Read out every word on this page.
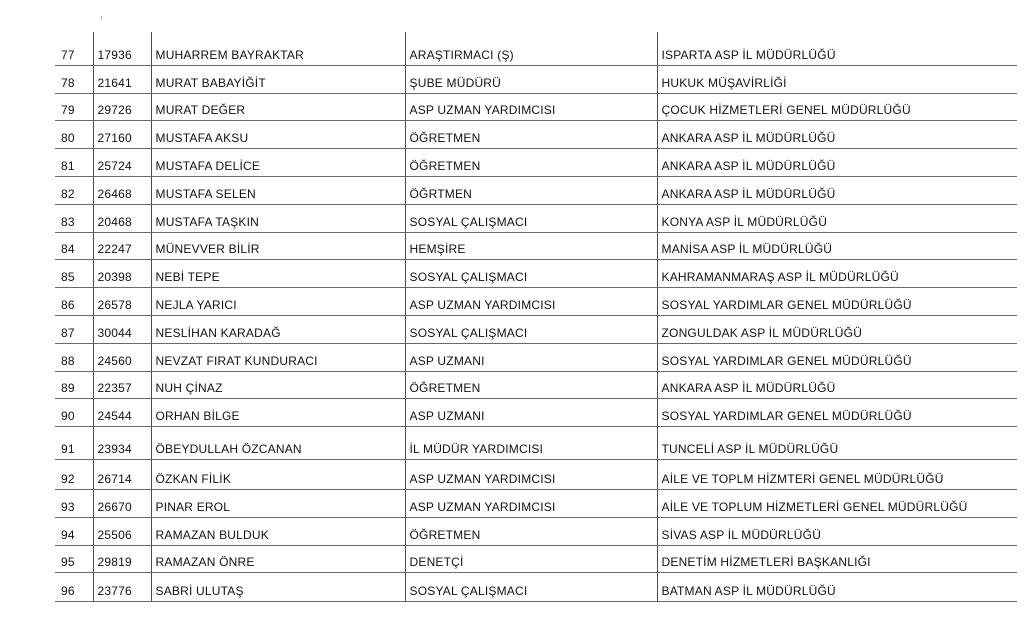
77	17936	MUHARREM BAYRAKTAR	ARAŞTIRMACI (Ş)	ISPARTA ASP İL MÜDÜRLÜĞÜ
78	21641	MURAT BABAYİĞİT	ŞUBE MÜDÜRÜ	HUKUK MÜŞAVİRLİĞİ
79	29726	MURAT DEĞER	ASP UZMAN YARDIMCISI	ÇOCUK HİZMETLERİ GENEL MÜDÜRLÜĞÜ
80	27160	MUSTAFA AKSU	ÖĞRETMEN	ANKARA ASP İL MÜDÜRLÜĞÜ
81	25724	MUSTAFA DELİCE	ÖĞRETMEN	ANKARA ASP İL MÜDÜRLÜĞÜ
82	26468	MUSTAFA SELEN	ÖĞRTMEN	ANKARA ASP İL MÜDÜRLÜĞÜ
83	20468	MUSTAFA TAŞKIN	SOSYAL ÇALIŞMACI	KONYA ASP İL MÜDÜRLÜĞÜ
84	22247	MÜNEVVER BİLİR	HEMŞİRE	MANİSA ASP İL MÜDÜRLÜĞÜ
85	20398	NEBİ TEPE	SOSYAL ÇALIŞMACI	KAHRAMANMARAŞ ASP İL MÜDÜRLÜĞÜ
86	26578	NEJLA YARICI	ASP UZMAN YARDIMCISI	SOSYAL YARDIMLAR GENEL MÜDÜRLÜĞÜ
87	30044	NESLİHAN KARADAĞ	SOSYAL ÇALIŞMACI	ZONGULDAK ASP İL MÜDÜRLÜĞÜ
88	24560	NEVZAT FIRAT KUNDURACI	ASP UZMANI	SOSYAL YARDIMLAR GENEL MÜDÜRLÜĞÜ
89	22357	NUH ÇİNAZ	ÖĞRETMEN	ANKARA ASP İL MÜDÜRLÜĞÜ
90	24544	ORHAN BİLGE	ASP UZMANI	SOSYAL YARDIMLAR GENEL MÜDÜRLÜĞÜ
91	23934	ÖBEYDULLAH ÖZCANAN	İL MÜDÜR YARDIMCISI	TUNCELİ ASP İL MÜDÜRLÜĞÜ
92	26714	ÖZKAN FİLİK	ASP UZMAN YARDIMCISI	AİLE VE TOPLM HİZMTERİ GENEL MÜDÜRLÜĞÜ
93	26670	PINAR EROL	ASP UZMAN YARDIMCISI	AİLE VE TOPLUM HİZMETLERİ GENEL MÜDÜRLÜĞÜ
94	25506	RAMAZAN BULDUK	ÖĞRETMEN	SİVAS ASP İL MÜDÜRLÜĞÜ
95	29819	RAMAZAN ÖNRE	DENETÇİ	DENETİM HİZMETLERİ BAŞKANLIĞI
96	23776	SABRİ ULUTAŞ	SOSYAL ÇALIŞMACI	BATMAN ASP İL MÜDÜRLÜĞÜ
